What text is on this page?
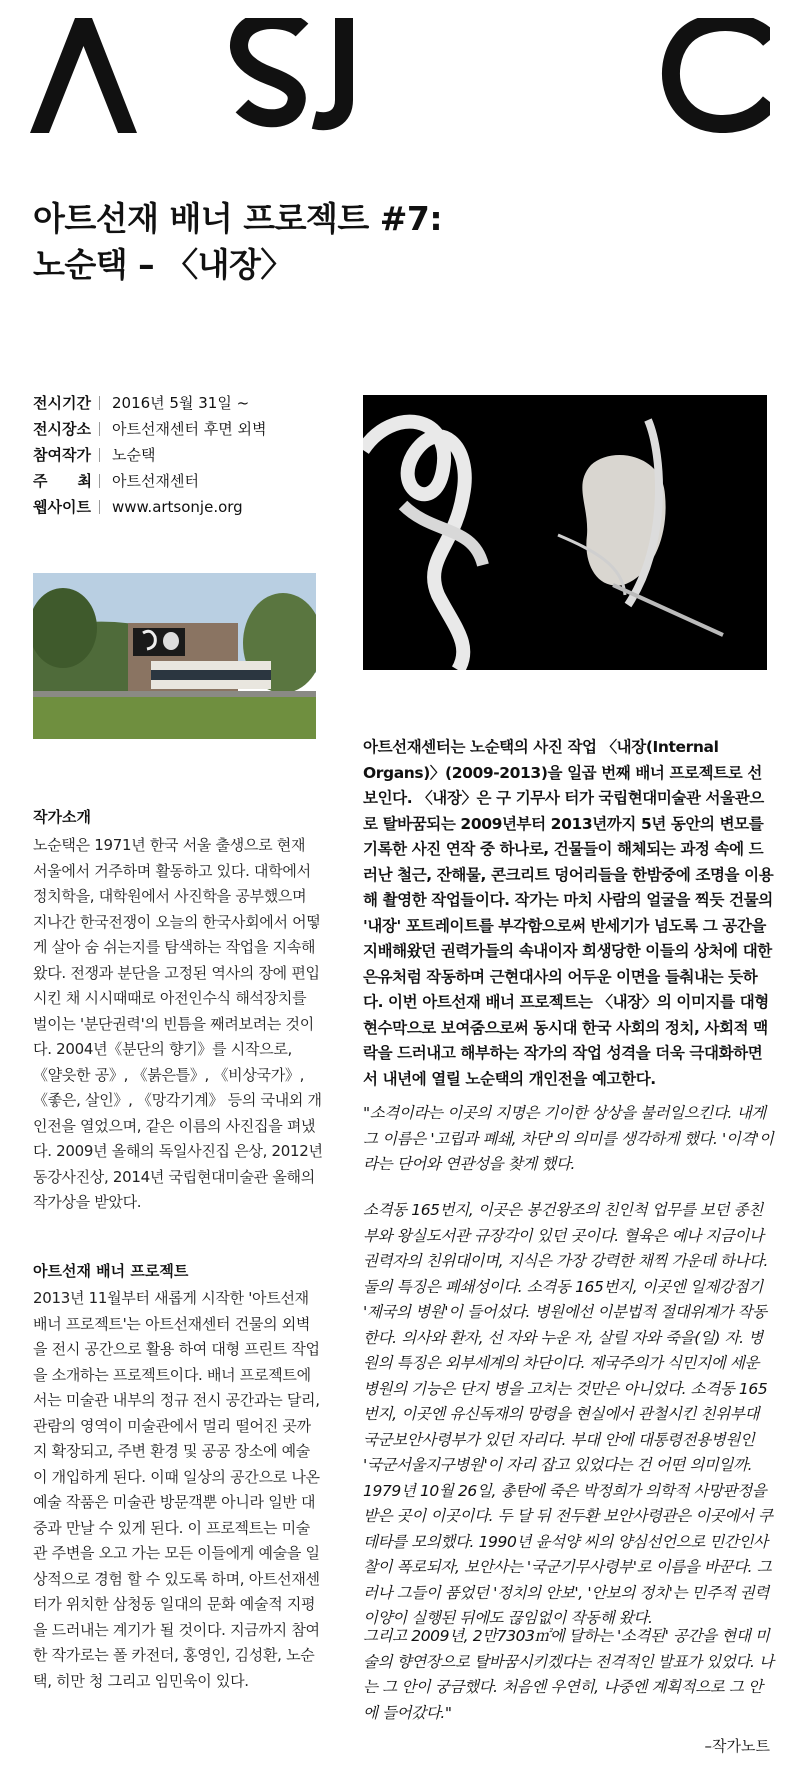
아트선재 배너 프로젝트 #7:
노순택 – 〈내장〉
전시기간 2016년 5월 31일 ~
전시장소 아트선재센터 후면 외벽
참여작가 노순택
주　　최 아트선재센터
웹사이트 www.artsonje.org
작가소개

노순택은 1971년 한국 서울 출생으로 현재 서울에서 거주하며 활동하고 있다. 대학에서 정치학을, 대학원에서 사진학을 공부했으며 지나간 한국전쟁이 오늘의 한국사회에서 어떻게 살아 숨 쉬는지를 탐색하는 작업을 지속해 왔다. 전쟁과 분단을 고정된 역사의 장에 편입시킨 채 시시때때로 아전인수식 해석장치를 벌이는 '분단권력'의 빈틈을 째려보려는 것이다. 2004년《분단의 향기》를 시작으로, 《얄읏한 공》, 《붉은틀》, 《비상국가》, 《좋은, 살인》, 《망각기계》 등의 국내외 개인전을 열었으며, 같은 이름의 사진집을 펴냈다. 2009년 올해의 독일사진집 은상, 2012년 동강사진상, 2014년 국립현대미술관 올해의 작가상을 받았다.

아트선재 배너 프로젝트

2013년 11월부터 새롭게 시작한 '아트선재 배너 프로젝트'는 아트선재센터 건물의 외벽을 전시 공간으로 활용 하여 대형 프린트 작업을 소개하는 프로젝트이다. 배너 프로젝트에서는 미술관 내부의 정규 전시 공간과는 달리, 관람의 영역이 미술관에서 멀리 떨어진 곳까지 확장되고, 주변 환경 및 공공 장소에 예술이 개입하게 된다. 이때 일상의 공간으로 나온 예술 작품은 미술관 방문객뿐 아니라 일반 대중과 만날 수 있게 된다. 이 프로젝트는 미술관 주변을 오고 가는 모든 이들에게 예술을 일상적으로 경험 할 수 있도록 하며, 아트선재센터가 위치한 삼청동 일대의 문화 예술적 지평을 드러내는 계기가 될 것이다. 지금까지 참여한 작가로는 폴 카전더, 홍영인, 김성환, 노순택, 히만 청 그리고 임민욱이 있다.

아트선재센터는 노순택의 사진 작업 〈내장(Internal Organs)〉(2009-2013)을 일곱 번째 배너 프로젝트로 선보인다. 〈내장〉은 구 기무사 터가 국립현대미술관 서울관으로 탈바꿈되는 2009년부터 2013년까지 5년 동안의 변모를 기록한 사진 연작 중 하나로, 건물들이 해체되는 과정 속에 드러난 철근, 잔해물, 콘크리트 덩어리들을 한밤중에 조명을 이용해 촬영한 작업들이다. 작가는 마치 사람의 얼굴을 찍듯 건물의 '내장' 포트레이트를 부각함으로써 반세기가 넘도록 그 공간을 지배해왔던 권력가들의 속내이자 희생당한 이들의 상처에 대한 은유처럼 작동하며 근현대사의 어두운 이면을 들춰내는 듯하다. 이번 아트선재 배너 프로젝트는 〈내장〉의 이미지를 대형 현수막으로 보여줌으로써 동시대 한국 사회의 정치, 사회적 맥락을 드러내고 해부하는 작가의 작업 성격을 더욱 극대화하면서 내년에 열릴 노순택의 개인전을 예고한다.

"소격이라는 이곳의 지명은 기이한 상상을 불러일으킨다. 내게 그 이름은 '고립과 폐쇄, 차단'의 의미를 생각하게 했다. '이격'이라는 단어와 연관성을 찾게 했다.

소격동 165번지, 이곳은 봉건왕조의 친인척 업무를 보던 종친부와 왕실도서관 규장각이 있던 곳이다. 혈육은 예나 지금이나 권력자의 친위대이며, 지식은 가장 강력한 채찍 가운데 하나다. 둘의 특징은 폐쇄성이다. 소격동 165번지, 이곳엔 일제강점기 '제국의 병원'이 들어섰다. 병원에선 이분법적 절대위계가 작동한다. 의사와 환자, 선 자와 누운 자, 살릴 자와 죽을(일) 자. 병원의 특징은 외부세계의 차단이다. 제국주의가 식민지에 세운 병원의 기능은 단지 병을 고치는 것만은 아니었다. 소격동 165번지, 이곳엔 유신독재의 망령을 현실에서 관철시킨 친위부대 국군보안사령부가 있던 자리다. 부대 안에 대통령전용병원인 '국군서울지구병원'이 자리 잡고 있었다는 건 어떤 의미일까. 1979년 10월 26일, 총탄에 죽은 박정희가 의학적 사망판정을 받은 곳이 이곳이다. 두 달 뒤 전두환 보안사령관은 이곳에서 쿠데타를 모의했다. 1990년 윤석양 씨의 양심선언으로 민간인사찰이 폭로되자, 보안사는 '국군기무사령부'로 이름을 바꾼다. 그러나 그들이 품었던 '정치의 안보', '안보의 정치'는 민주적 권력이양이 실행된 뒤에도 끊임없이 작동해 왔다.

그리고 2009년, 2만7303㎡에 달하는 '소격된' 공간을 현대 미술의 향연장으로 탈바꿈시키겠다는 전격적인 발표가 있었다. 나는 그 안이 궁금했다. 처음엔 우연히, 나중엔 계획적으로 그 안에 들어갔다."

–작가노트
